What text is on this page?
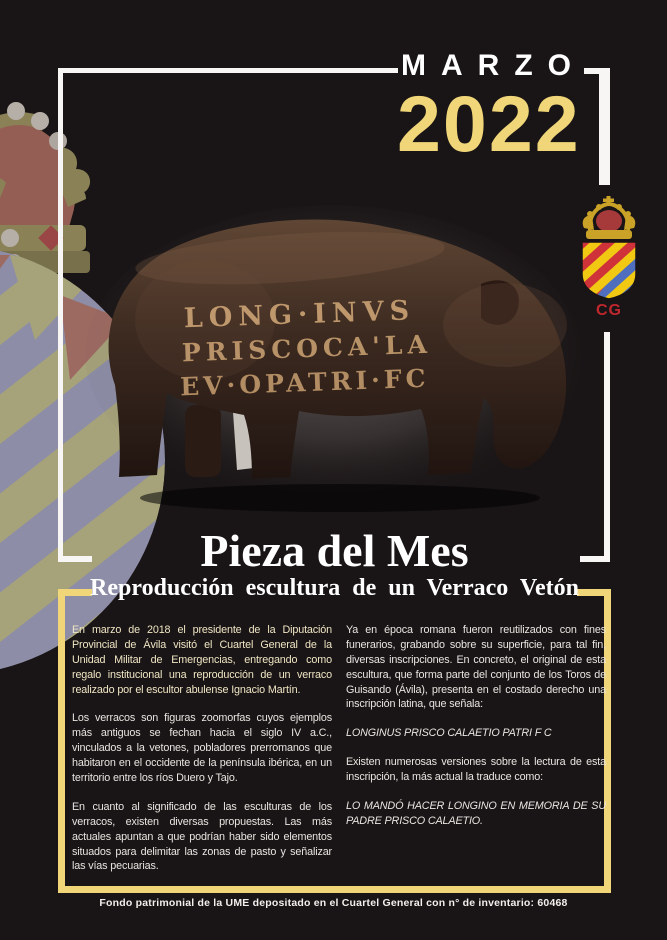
MARZO
2022
CG
LONG·INVS
PRISCOCA'LA
EV·OPATRI·FC
Pieza del Mes
Reproducción escultura de un Verraco Vetón

En marzo de 2018 el presidente de la Diputación Provincial de Ávila visitó el Cuartel General de la Unidad Militar de Emergencias, entregando como regalo institucional una reproducción de un verraco realizado por el escultor abulense Ignacio Martín.

Los verracos son figuras zoomorfas cuyos ejemplos más antiguos se fechan hacia el siglo IV a.C., vinculados a la vetones, pobladores prerromanos que habitaron en el occidente de la península ibérica, en un territorio entre los ríos Duero y Tajo.

En cuanto al significado de las esculturas de los verracos, existen diversas propuestas. Las más actuales apuntan a que podrían haber sido elementos situados para delimitar las zonas de pasto y señalizar las vías pecuarias.

Ya en época romana fueron reutilizados con fines funerarios, grabando sobre su superficie, para tal fin, diversas inscripciones. En concreto, el original de esta escultura, que forma parte del conjunto de los Toros de Guisando (Ávila), presenta en el costado derecho una inscripción latina, que señala:

LONGINUS PRISCO CALAETIO PATRI F C

Existen numerosas versiones sobre la lectura de esta inscripción, la más actual la traduce como:

LO MANDÓ HACER LONGINO EN MEMORIA DE SU PADRE PRISCO CALAETIO.

Fondo patrimonial de la UME depositado en el Cuartel General con n° de inventario: 60468
